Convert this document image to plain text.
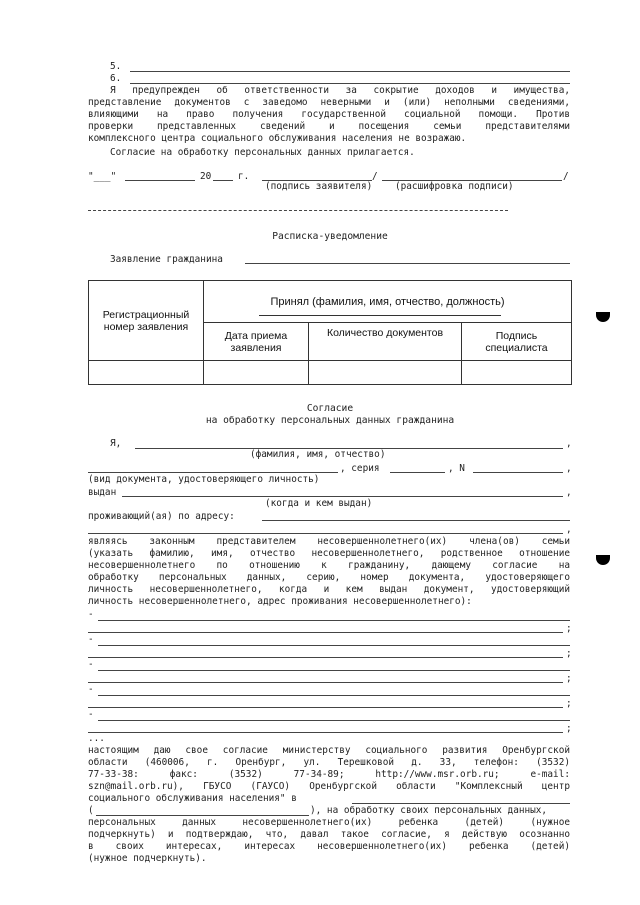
5.
6.
Я предупрежден об ответственности за сокрытие доходов и имущества,
представление документов с заведомо неверными и (или) неполными сведениями,
влияющими на право получения государственной социальной помощи. Против
проверки представленных сведений и посещения семьи представителями
комплексного центра социального обслуживания населения не возражаю.
Согласие на обработку персональных данных прилагается.
"___"	20	г.	/	/
(подпись заявителя) (расшифровка подписи)
Расписка-уведомление
Заявление гражданина
Регистрационный номер заявления	Принял (фамилия, имя, отчество, должность)		

	Дата приема заявления	Количество документов	Подпись специалиста

Согласие
на обработку персональных данных гражданина
Я,	,
(фамилия, имя, отчество)
, серия	, N	,
(вид документа, удостоверяющего личность)
выдан	,
(когда и кем выдан)
проживающий(ая) по адресу:
,
являясь законным представителем несовершеннолетнего(их) члена(ов) семьи
(указать фамилию, имя, отчество несовершеннолетнего, родственное отношение
несовершеннолетнего по отношению к гражданину, дающему согласие на
обработку персональных данных, серию, номер документа, удостоверяющего
личность несовершеннолетнего, когда и кем выдан документ, удостоверяющий
личность несовершеннолетнего, адрес проживания несовершеннолетнего):
-
;
-
;
-
;
-
;
-
;
...
настоящим даю свое согласие министерству социального развития Оренбургской
области (460006, г. Оренбург, ул. Терешковой д. 33, телефон: (3532)
77-33-38: факс: (3532) 77-34-89; http://www.msr.orb.ru; e-mail:
szn@mail.orb.ru), ГБУСО (ГАУСО) Оренбургской области "Комплексный центр
социального обслуживания населения" в
(	), на обработку своих персональных данных,
персональных данных несовершеннолетнего(их) ребенка (детей) (нужное
подчеркнуть) и подтверждаю, что, давал такое согласие, я действую осознанно
в своих интересах, интересах несовершеннолетнего(их) ребенка (детей)
(нужное подчеркнуть).
